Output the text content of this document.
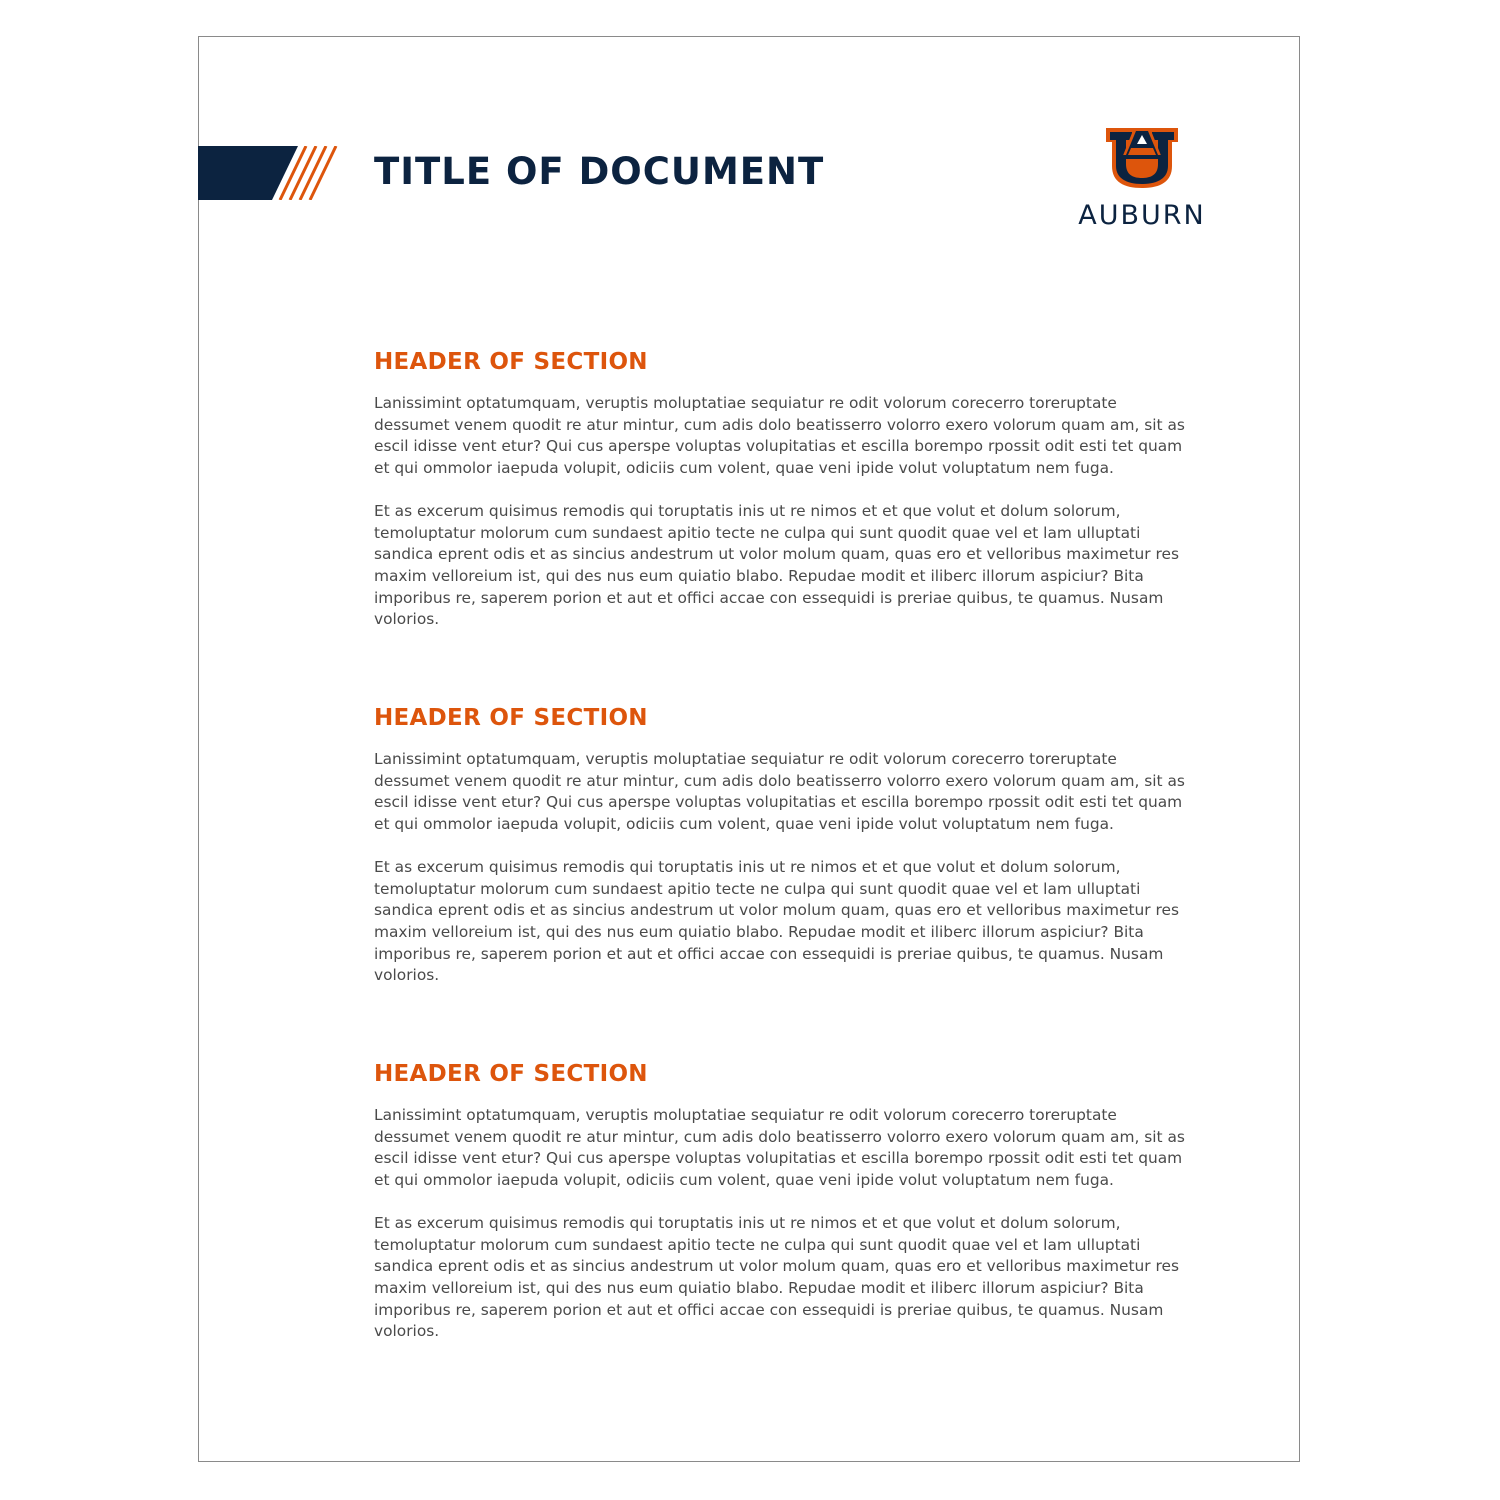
TITLE OF DOCUMENT
AUBURN
HEADER OF SECTION

Lanissimint optatumquam, veruptis moluptatiae sequiatur re odit volorum corecerro toreruptate dessumet venem quodit re atur mintur, cum adis dolo beatisserro volorro exero volorum quam am, sit as escil idisse vent etur? Qui cus aperspe voluptas volupitatias et escilla borempo rpossit odit esti tet quam et qui ommolor iaepuda volupit, odiciis cum volent, quae veni ipide volut voluptatum nem fuga.

Et as excerum quisimus remodis qui toruptatis inis ut re nimos et et que volut et dolum solorum, temoluptatur molorum cum sundaest apitio tecte ne culpa qui sunt quodit quae vel et lam ulluptati sandica eprent odis et as sincius andestrum ut volor molum quam, quas ero et velloribus maximetur res maxim velloreium ist, qui des nus eum quiatio blabo. Repudae modit et iliberc illorum aspiciur? Bita imporibus re, saperem porion et aut et offici accae con essequidi is preriae quibus, te quamus. Nusam volorios.

HEADER OF SECTION

Lanissimint optatumquam, veruptis moluptatiae sequiatur re odit volorum corecerro toreruptate dessumet venem quodit re atur mintur, cum adis dolo beatisserro volorro exero volorum quam am, sit as escil idisse vent etur? Qui cus aperspe voluptas volupitatias et escilla borempo rpossit odit esti tet quam et qui ommolor iaepuda volupit, odiciis cum volent, quae veni ipide volut voluptatum nem fuga.

Et as excerum quisimus remodis qui toruptatis inis ut re nimos et et que volut et dolum solorum, temoluptatur molorum cum sundaest apitio tecte ne culpa qui sunt quodit quae vel et lam ulluptati sandica eprent odis et as sincius andestrum ut volor molum quam, quas ero et velloribus maximetur res maxim velloreium ist, qui des nus eum quiatio blabo. Repudae modit et iliberc illorum aspiciur? Bita imporibus re, saperem porion et aut et offici accae con essequidi is preriae quibus, te quamus. Nusam volorios.

HEADER OF SECTION

Lanissimint optatumquam, veruptis moluptatiae sequiatur re odit volorum corecerro toreruptate dessumet venem quodit re atur mintur, cum adis dolo beatisserro volorro exero volorum quam am, sit as escil idisse vent etur? Qui cus aperspe voluptas volupitatias et escilla borempo rpossit odit esti tet quam et qui ommolor iaepuda volupit, odiciis cum volent, quae veni ipide volut voluptatum nem fuga.

Et as excerum quisimus remodis qui toruptatis inis ut re nimos et et que volut et dolum solorum, temoluptatur molorum cum sundaest apitio tecte ne culpa qui sunt quodit quae vel et lam ulluptati sandica eprent odis et as sincius andestrum ut volor molum quam, quas ero et velloribus maximetur res maxim velloreium ist, qui des nus eum quiatio blabo. Repudae modit et iliberc illorum aspiciur? Bita imporibus re, saperem porion et aut et offici accae con essequidi is preriae quibus, te quamus. Nusam volorios.
